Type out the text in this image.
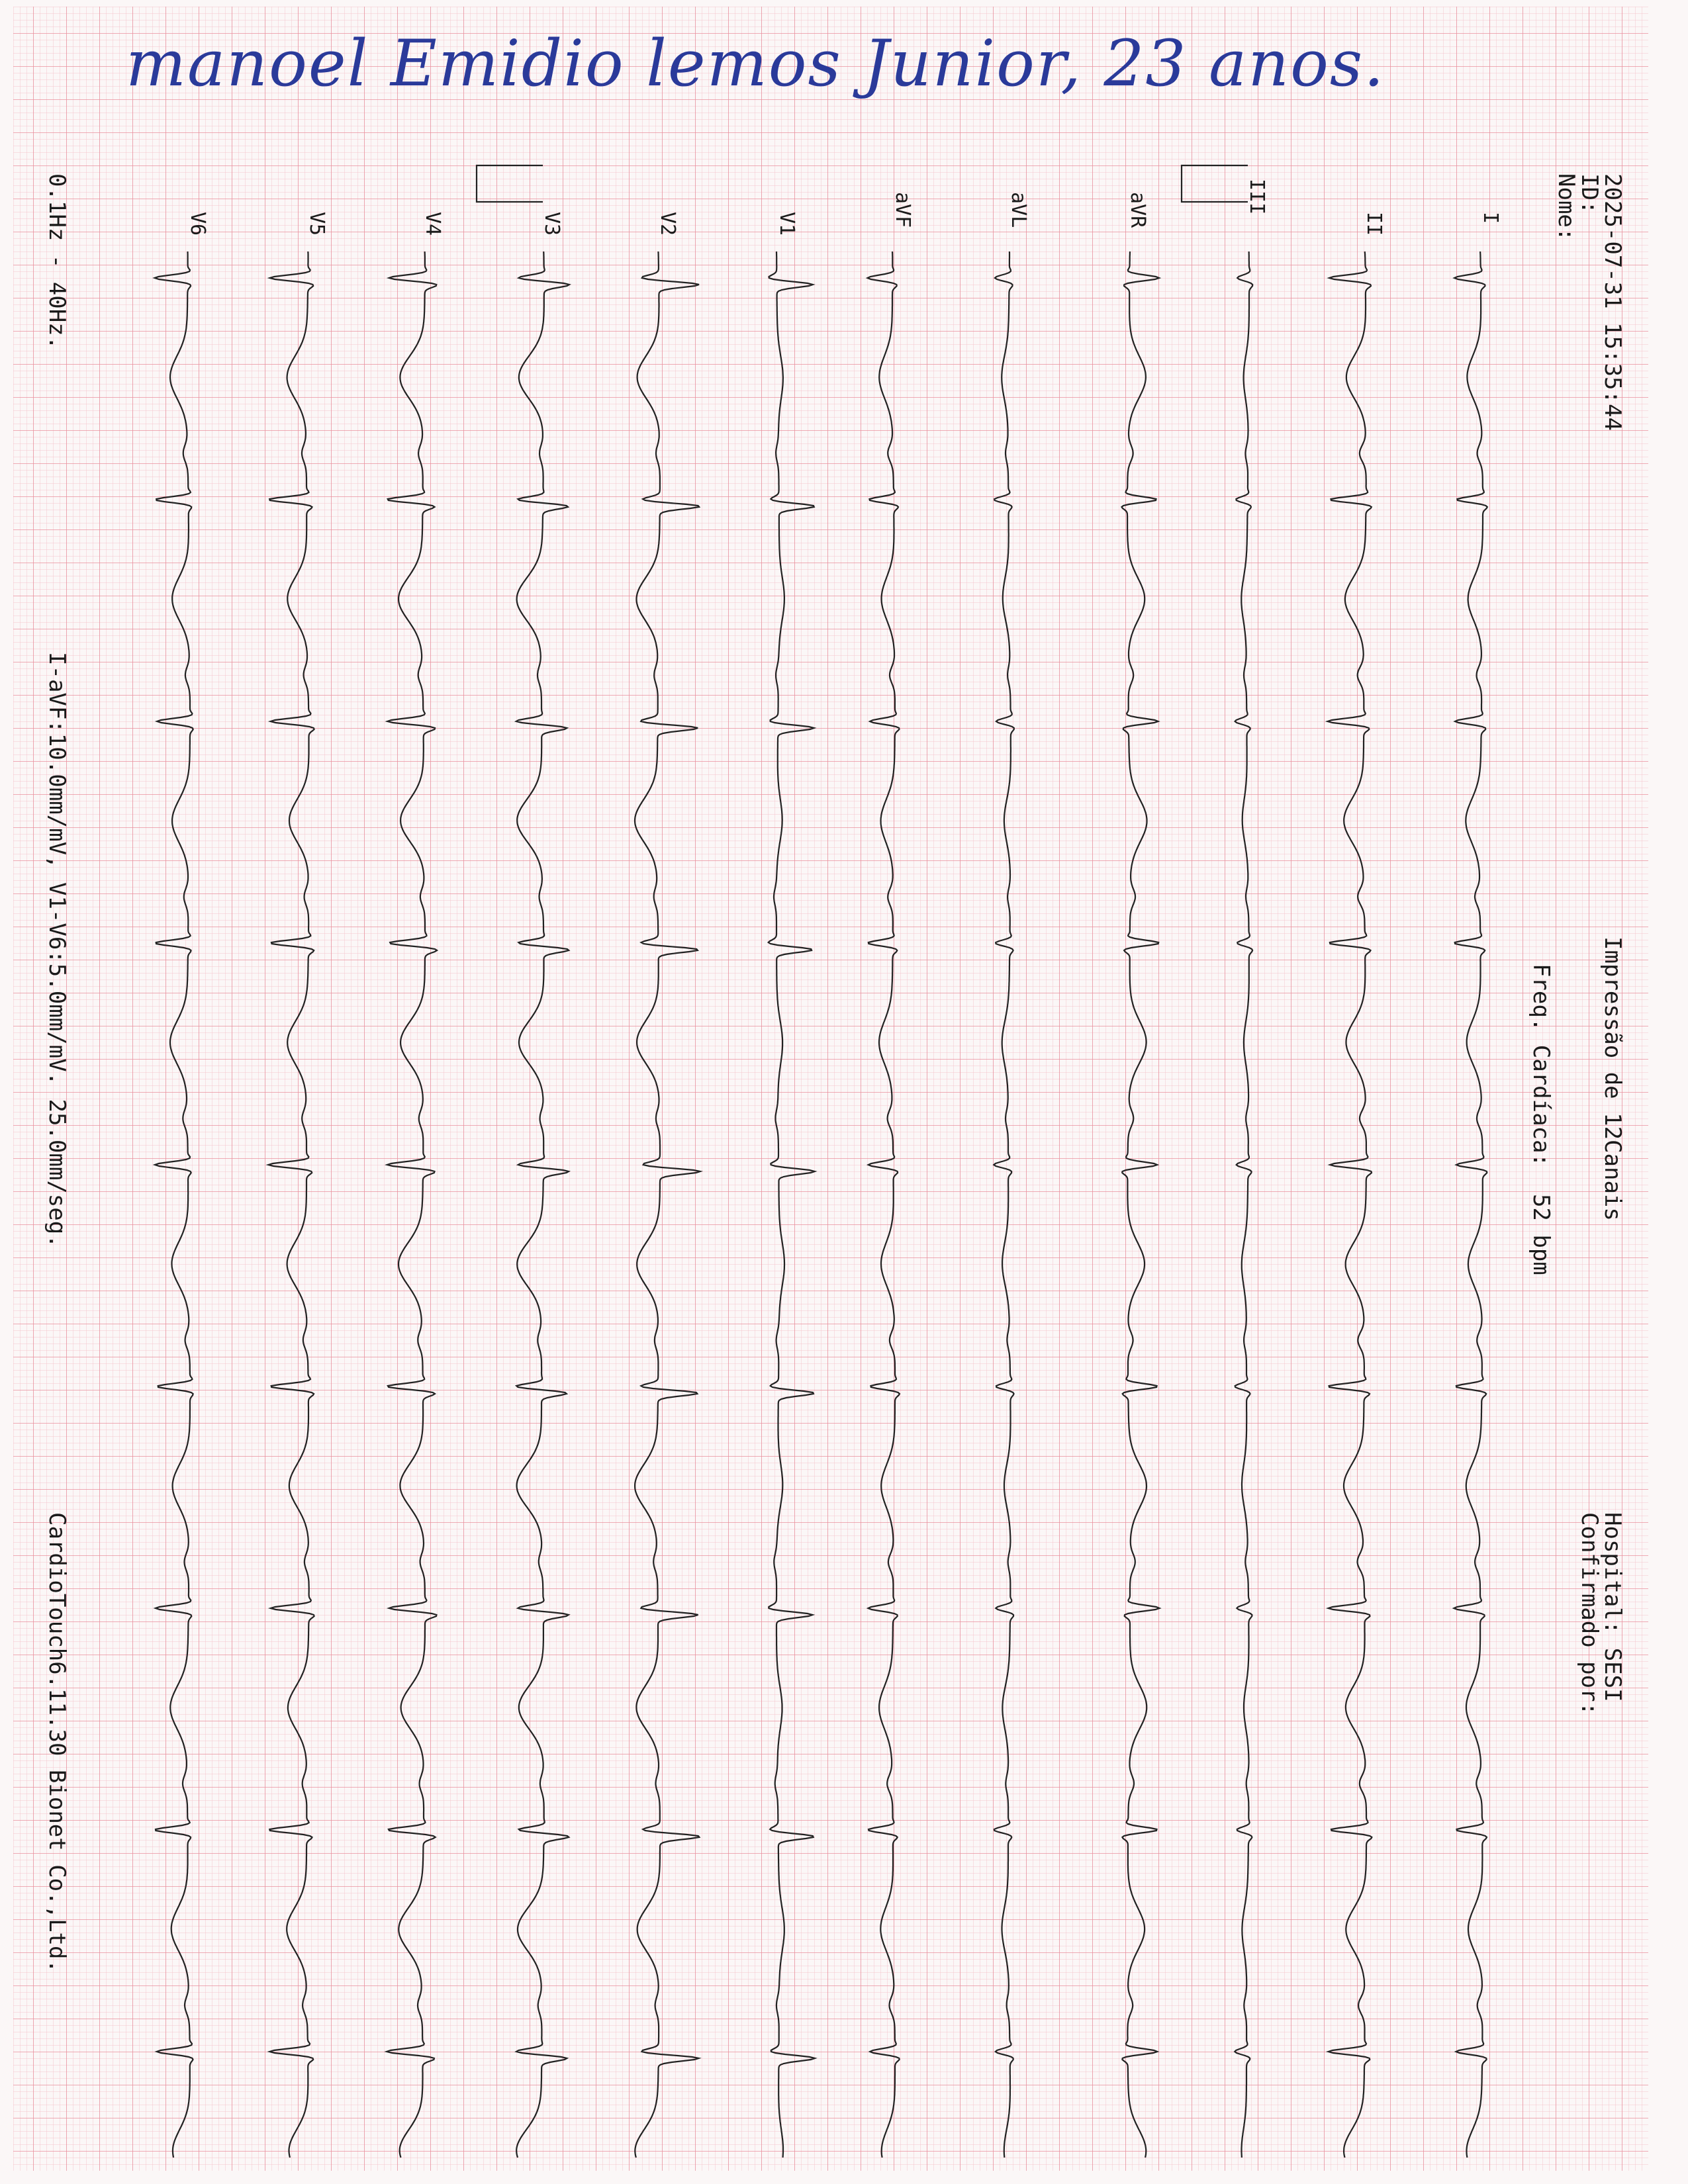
manoel Emidio lemos Junior, 23 anos.
2025-07-31 15:35:44
ID:
Nome:
Impressão de 12Canais

Freq. Cardíaca:  52 bpm

Hospital: SESI
Confirmado por:
0.1Hz - 40Hz.
I-aVF:10.0mm/mV, V1-V6:5.0mm/mV. 25.0mm/seg.
CardioTouch6.11.30 Bionet Co.,Ltd.
I
II
III
aVR
aVL
aVF
V1
V2
V3
V4
V5
V6
